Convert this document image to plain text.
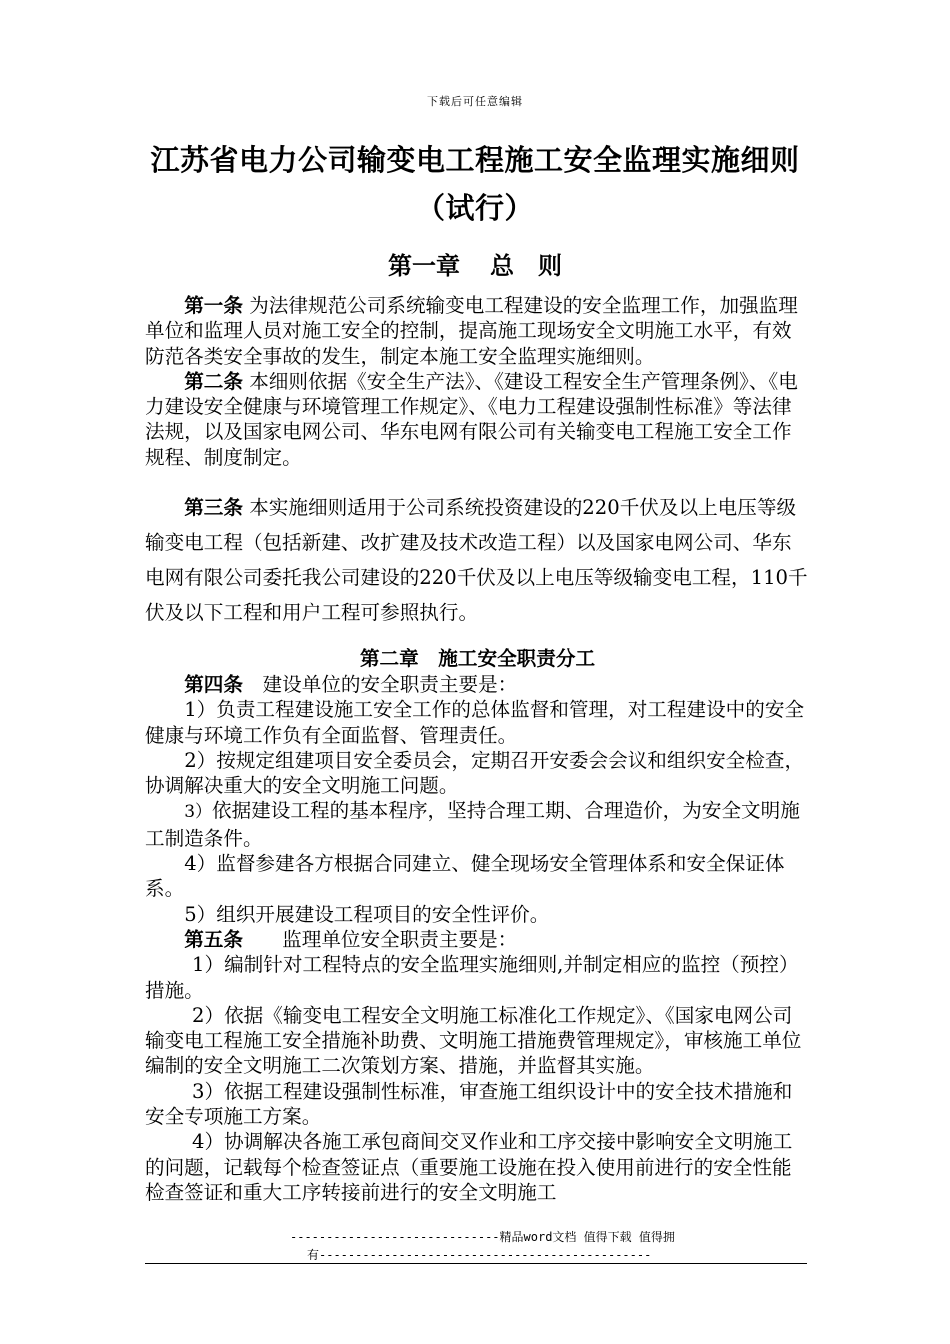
下载后可任意编辑
江苏省电力公司输变电工程施工安全监理实施细则
（试行）
第一章 总　则

第一条 为法律规范公司系统输变电工程建设的安全监理工作，加强监理单位和监理人员对施工安全的控制，提高施工现场安全文明施工水平，有效防范各类安全事故的发生，制定本施工安全监理实施细则。

第二条 本细则依据《安全生产法》、《建设工程安全生产管理条例》、《电力建设安全健康与环境管理工作规定》、《电力工程建设强制性标准》等法律法规，以及国家电网公司、华东电网有限公司有关输变电工程施工安全工作规程、制度制定。

第三条 本实施细则适用于公司系统投资建设的220千伏及以上电压等级输变电工程（包括新建、改扩建及技术改造工程）以及国家电网公司、华东电网有限公司委托我公司建设的220千伏及以上电压等级输变电工程，110千伏及以下工程和用户工程可参照执行。

第二章　施工安全职责分工

第四条　建设单位的安全职责主要是：

1）负责工程建设施工安全工作的总体监督和管理，对工程建设中的安全健康与环境工作负有全面监督、管理责任。

2）按规定组建项目安全委员会，定期召开安委会会议和组织安全检查，协调解决重大的安全文明施工问题。

3）依据建设工程的基本程序，坚持合理工期、合理造价，为安全文明施工制造条件。

4）监督参建各方根据合同建立、健全现场安全管理体系和安全保证体系。

5）组织开展建设工程项目的安全性评价。

第五条　　监理单位安全职责主要是：

1）编制针对工程特点的安全监理实施细则,并制定相应的监控（预控）措施。

2）依据《输变电工程安全文明施工标准化工作规定》、《国家电网公司输变电工程施工安全措施补助费、文明施工措施费管理规定》，审核施工单位编制的安全文明施工二次策划方案、措施，并监督其实施。

3）依据工程建设强制性标准，审查施工组织设计中的安全技术措施和安全专项施工方案。

4）协调解决各施工承包商间交叉作业和工序交接中影响安全文明施工的问题，记载每个检查签证点（重要施工设施在投入使用前进行的安全性能检查签证和重大工序转接前进行的安全文明施工

-----------------------------精品word文档 值得下载 值得拥
有----------------------------------------------
